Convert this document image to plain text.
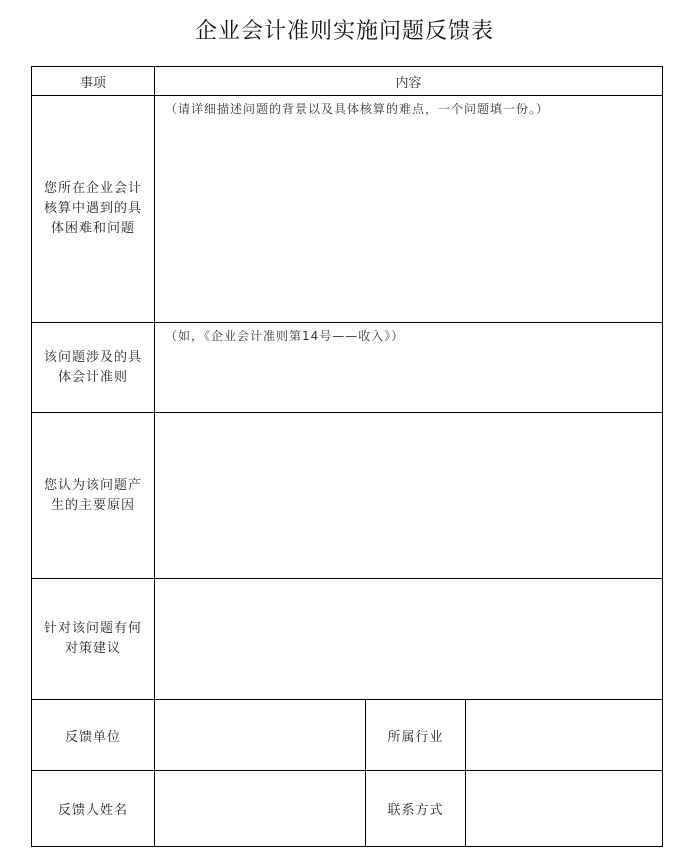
企业会计准则实施问题反馈表
事项	内容		
您所在企业会计核算中遇到的具体困难和问题	（请详细描述问题的背景以及具体核算的难点，一个问题填一份。）		

该问题涉及的具体会计准则	（如，《企业会计准则第14号——收入》）		

您认为该问题产生的主要原因			

针对该问题有何对策建议			

反馈单位		所属行业	
反馈人姓名		联系方式	
